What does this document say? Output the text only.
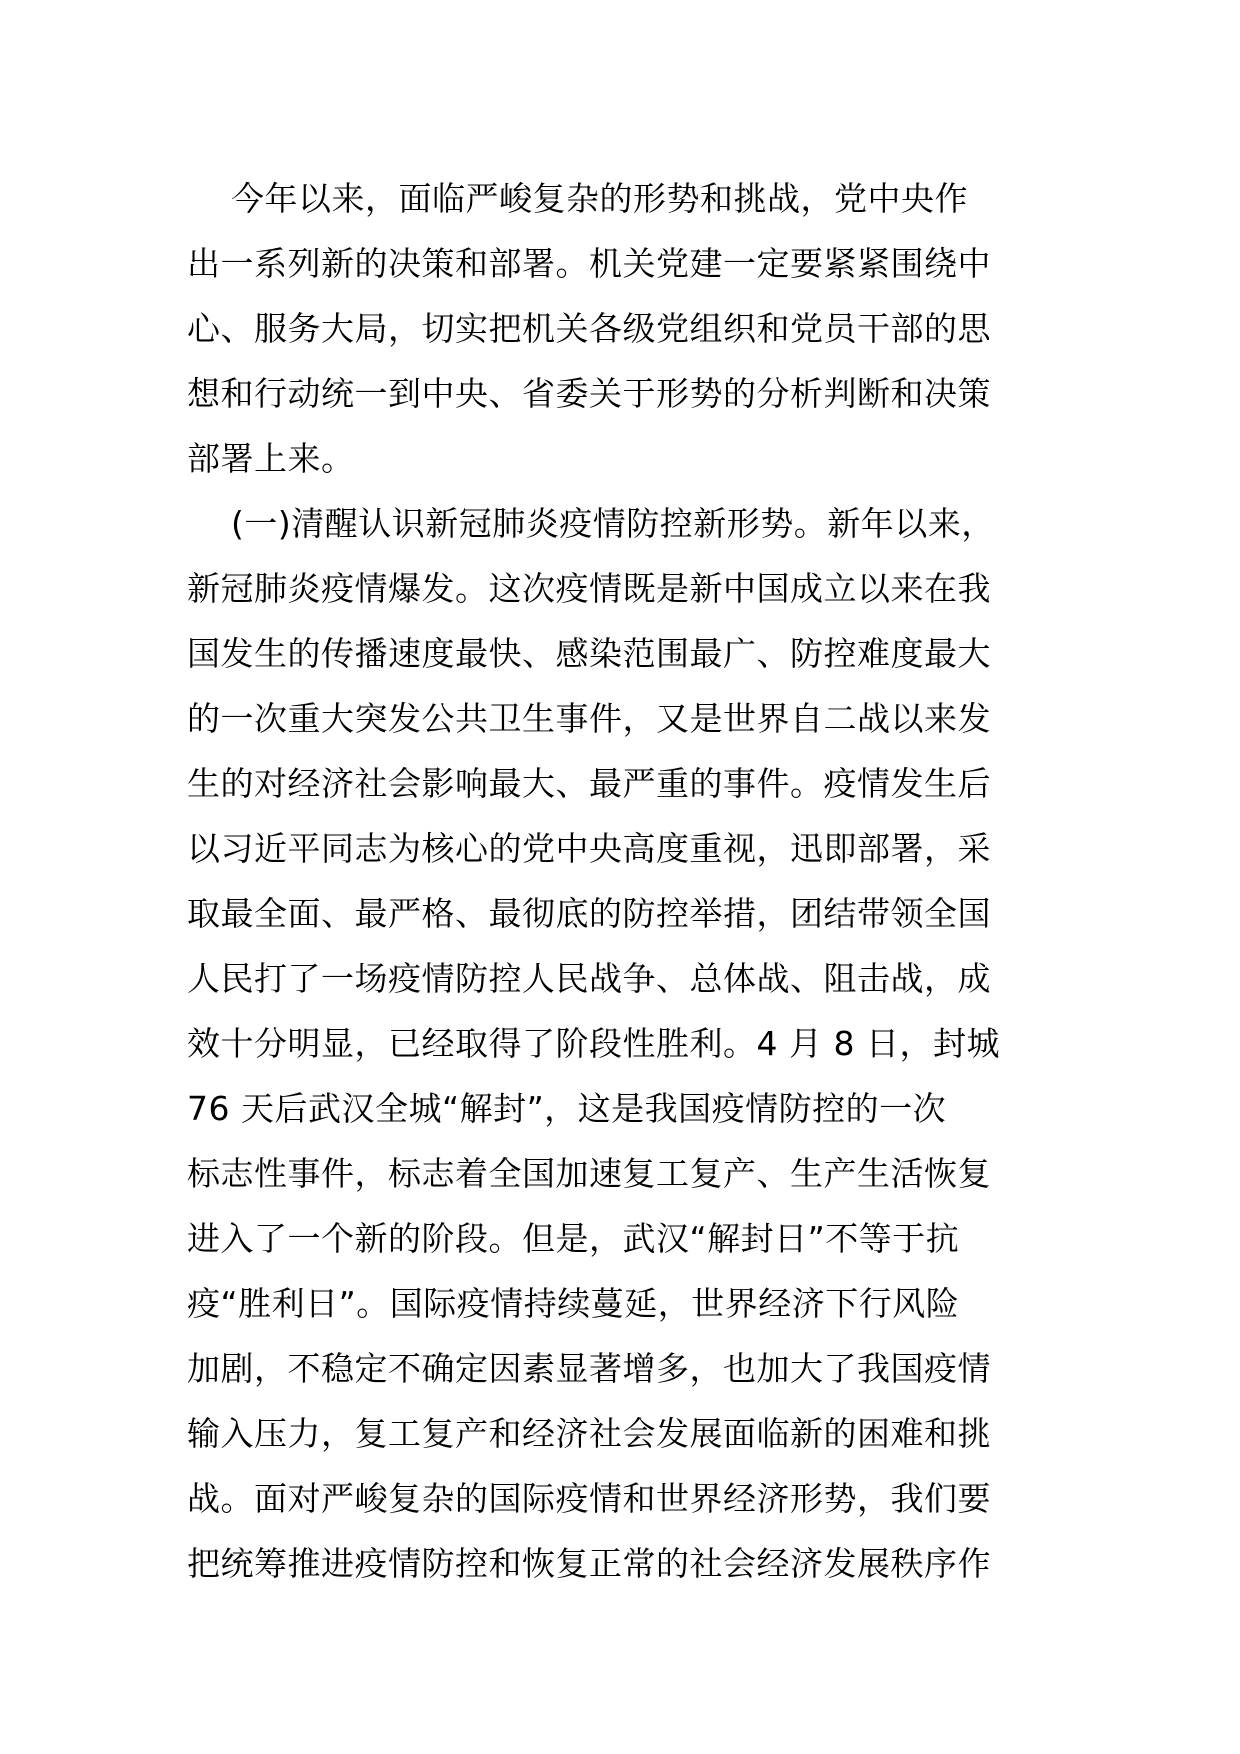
今年以来，面临严峻复杂的形势和挑战，党中央作
出一系列新的决策和部署。机关党建一定要紧紧围绕中
心、服务大局，切实把机关各级党组织和党员干部的思
想和行动统一到中央、省委关于形势的分析判断和决策
部署上来。
(一)清醒认识新冠肺炎疫情防控新形势。新年以来，
新冠肺炎疫情爆发。这次疫情既是新中国成立以来在我
国发生的传播速度最快、感染范围最广、防控难度最大
的一次重大突发公共卫生事件，又是世界自二战以来发
生的对经济社会影响最大、最严重的事件。疫情发生后
以习近平同志为核心的党中央高度重视，迅即部署，采
取最全面、最严格、最彻底的防控举措，团结带领全国
人民打了一场疫情防控人民战争、总体战、阻击战，成
效十分明显，已经取得了阶段性胜利。4 月 8 日，封城
76 天后武汉全城“解封”，这是我国疫情防控的一次
标志性事件，标志着全国加速复工复产、生产生活恢复
进入了一个新的阶段。但是，武汉“解封日”不等于抗
疫“胜利日”。国际疫情持续蔓延，世界经济下行风险
加剧，不稳定不确定因素显著增多，也加大了我国疫情
输入压力，复工复产和经济社会发展面临新的困难和挑
战。面对严峻复杂的国际疫情和世界经济形势，我们要
把统筹推进疫情防控和恢复正常的社会经济发展秩序作
